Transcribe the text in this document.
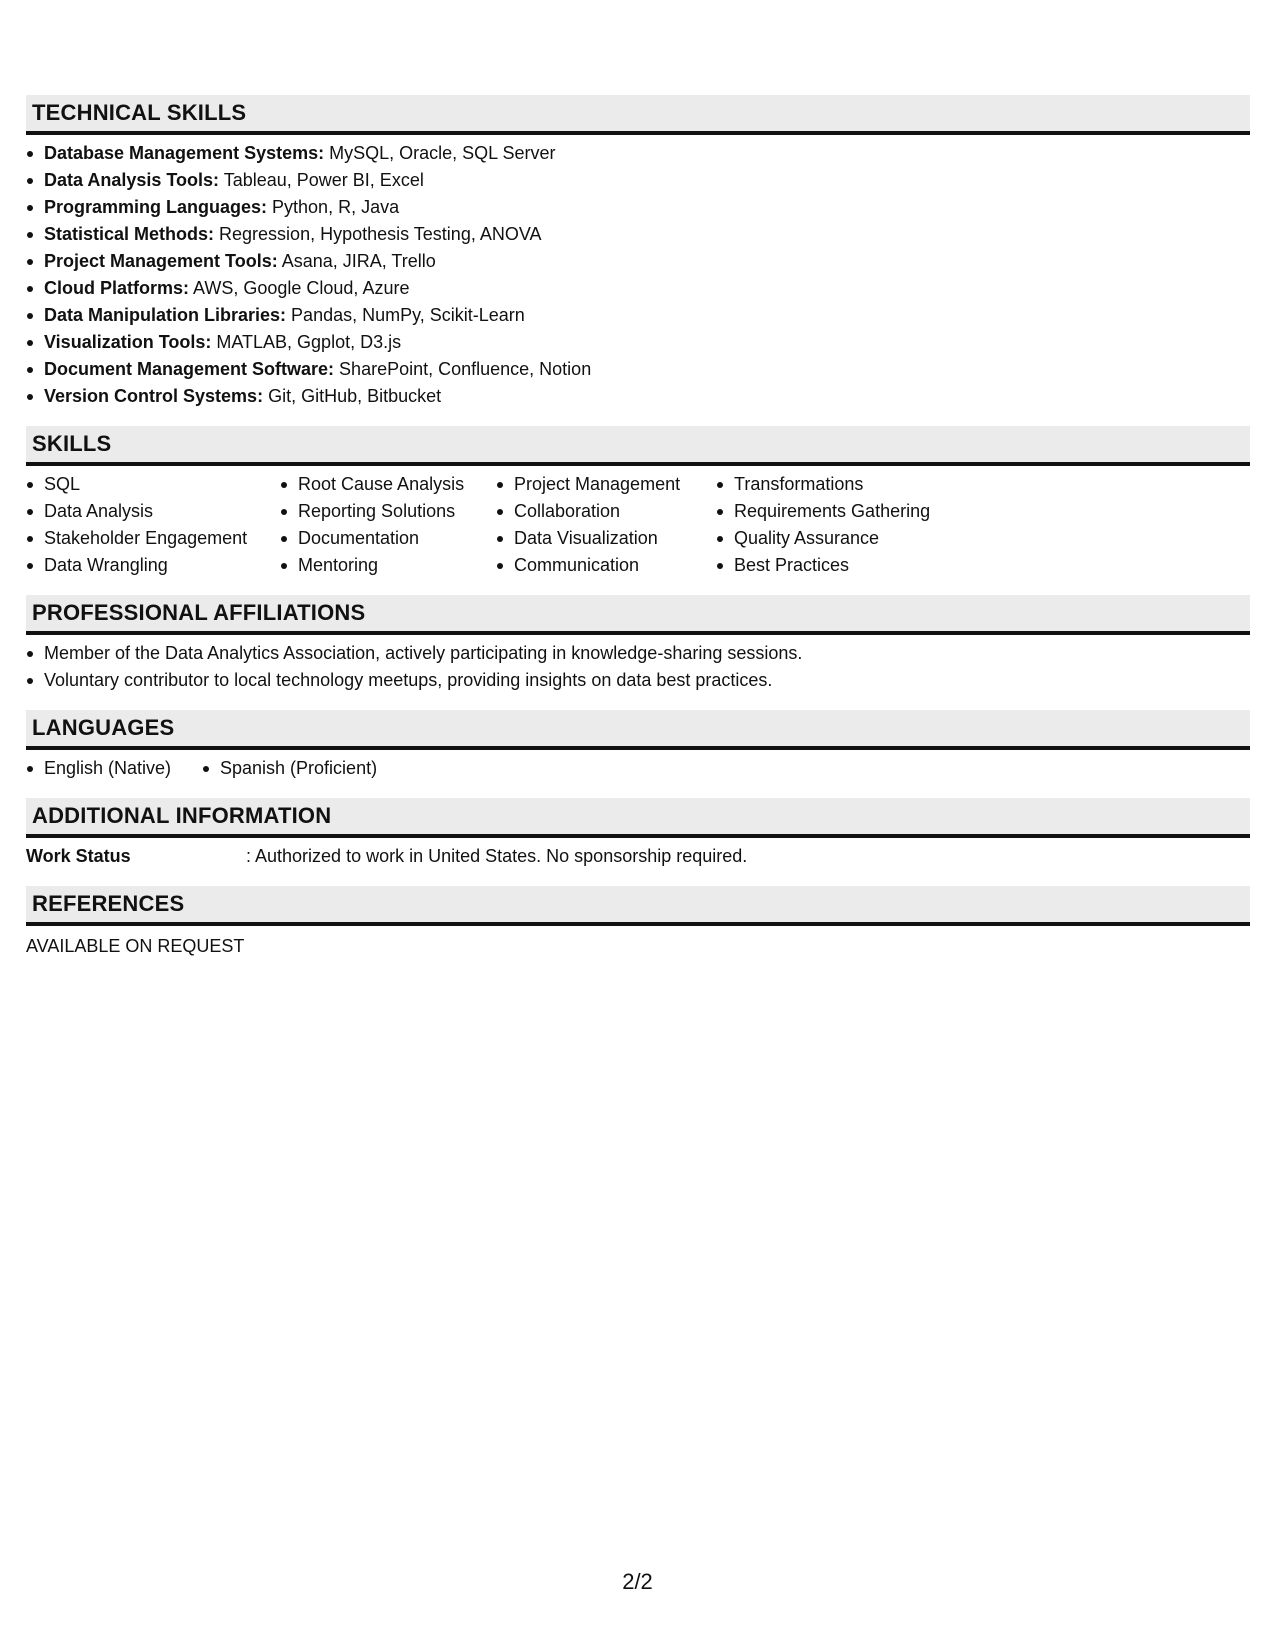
TECHNICAL SKILLS
Database Management Systems: MySQL, Oracle, SQL Server
Data Analysis Tools: Tableau, Power BI, Excel
Programming Languages: Python, R, Java
Statistical Methods: Regression, Hypothesis Testing, ANOVA
Project Management Tools: Asana, JIRA, Trello
Cloud Platforms: AWS, Google Cloud, Azure
Data Manipulation Libraries: Pandas, NumPy, Scikit-Learn
Visualization Tools: MATLAB, Ggplot, D3.js
Document Management Software: SharePoint, Confluence, Notion
Version Control Systems: Git, GitHub, Bitbucket
SKILLS
SQL
Data Analysis
Stakeholder Engagement
Data Wrangling
Root Cause Analysis
Reporting Solutions
Documentation
Mentoring
Project Management
Collaboration
Data Visualization
Communication
Transformations
Requirements Gathering
Quality Assurance
Best Practices
PROFESSIONAL AFFILIATIONS
Member of the Data Analytics Association, actively participating in knowledge-sharing sessions.
Voluntary contributor to local technology meetups, providing insights on data best practices.
LANGUAGES
English (Native)	Spanish (Proficient)
ADDITIONAL INFORMATION
Work Status	: Authorized to work in United States. No sponsorship required.
REFERENCES
AVAILABLE ON REQUEST
2/2
